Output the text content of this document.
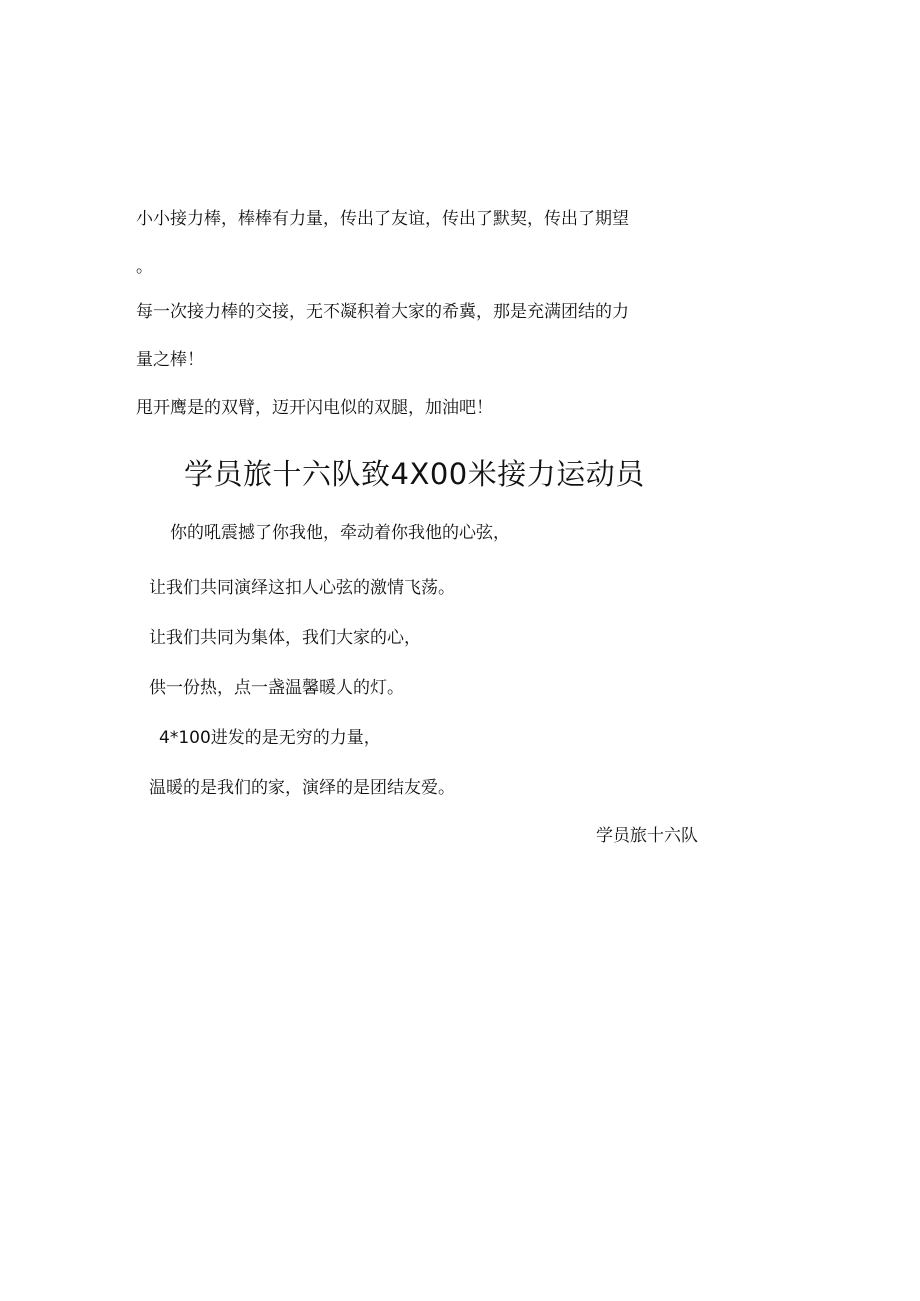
小小接力棒，棒棒有力量，传出了友谊，传出了默契，传出了期望
。
每一次接力棒的交接，无不凝积着大家的希冀，那是充满团结的力
量之棒！
甩开鹰是的双臂，迈开闪电似的双腿，加油吧！
学员旅十六队致4X00米接力运动员
你的吼震撼了你我他，牵动着你我他的心弦，
让我们共同演绎这扣人心弦的激情飞荡。
让我们共同为集体，我们大家的心，
供一份热，点一盏温馨暖人的灯。
4*100进发的是无穷的力量，
温暖的是我们的家，演绎的是团结友爱。
学员旅十六队
